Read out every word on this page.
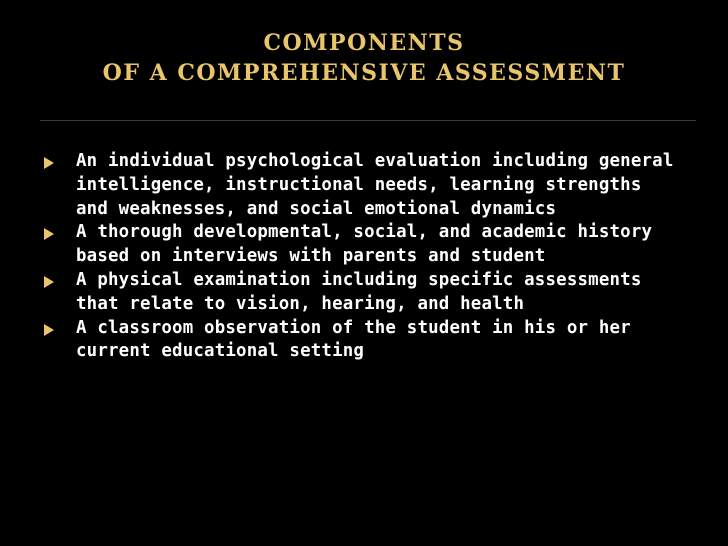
COMPONENTS
OF A COMPREHENSIVE ASSESSMENT
An individual psychological evaluation including general intelligence, instructional needs, learning strengths and weaknesses, and social emotional dynamics
A thorough developmental, social, and academic history based on interviews with parents and student
A physical examination including specific assessments that relate to vision, hearing, and health
A classroom observation of the student in his or her current educational setting
